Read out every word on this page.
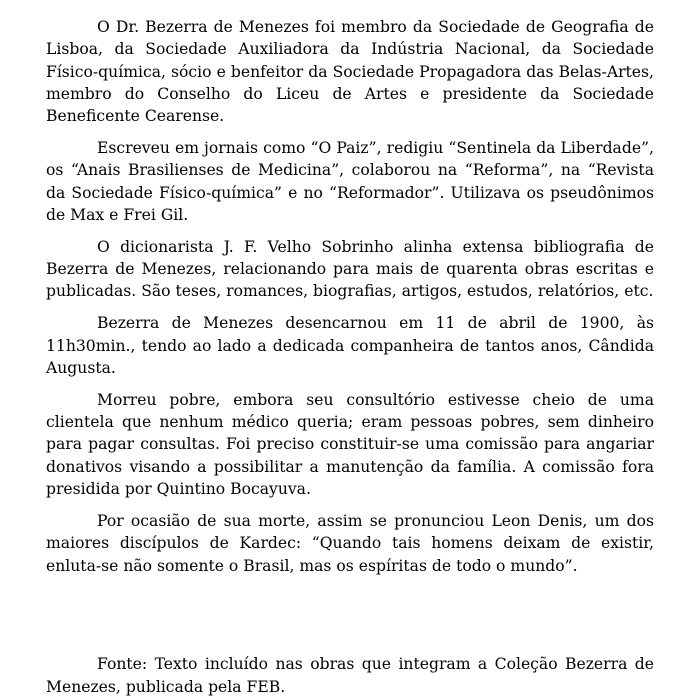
O Dr. Bezerra de Menezes foi membro da Sociedade de Geografia de Lisboa, da Sociedade Auxiliadora da Indústria Nacional, da Sociedade Físico-química, sócio e benfeitor da Sociedade Propagadora das Belas-Artes, membro do Conselho do Liceu de Artes e presidente da Sociedade Beneficente Cearense.

Escreveu em jornais como “O Paiz”, redigiu “Sentinela da Liberdade”, os “Anais Brasilienses de Medicina”, colaborou na “Reforma”, na “Revista da Sociedade Físico-química” e no “Reformador”. Utilizava os pseudônimos de Max e Frei Gil.

O dicionarista J. F. Velho Sobrinho alinha extensa bibliografia de Bezerra de Menezes, relacionando para mais de quarenta obras escritas e publicadas. São teses, romances, biografias, artigos, estudos, relatórios, etc.

Bezerra de Menezes desencarnou em 11 de abril de 1900, às 11h30min., tendo ao lado a dedicada companheira de tantos anos, Cândida Augusta.

Morreu pobre, embora seu consultório estivesse cheio de uma clientela que nenhum médico queria; eram pessoas pobres, sem dinheiro para pagar consultas. Foi preciso constituir-se uma comissão para angariar donativos visando a possibilitar a manutenção da família. A comissão fora presidida por Quintino Bocayuva.

Por ocasião de sua morte, assim se pronunciou Leon Denis, um dos maiores discípulos de Kardec: “Quando tais homens deixam de existir, enluta-se não somente o Brasil, mas os espíritas de todo o mundo”.

Fonte: Texto incluído nas obras que integram a Coleção Bezerra de Menezes, publicada pela FEB.
